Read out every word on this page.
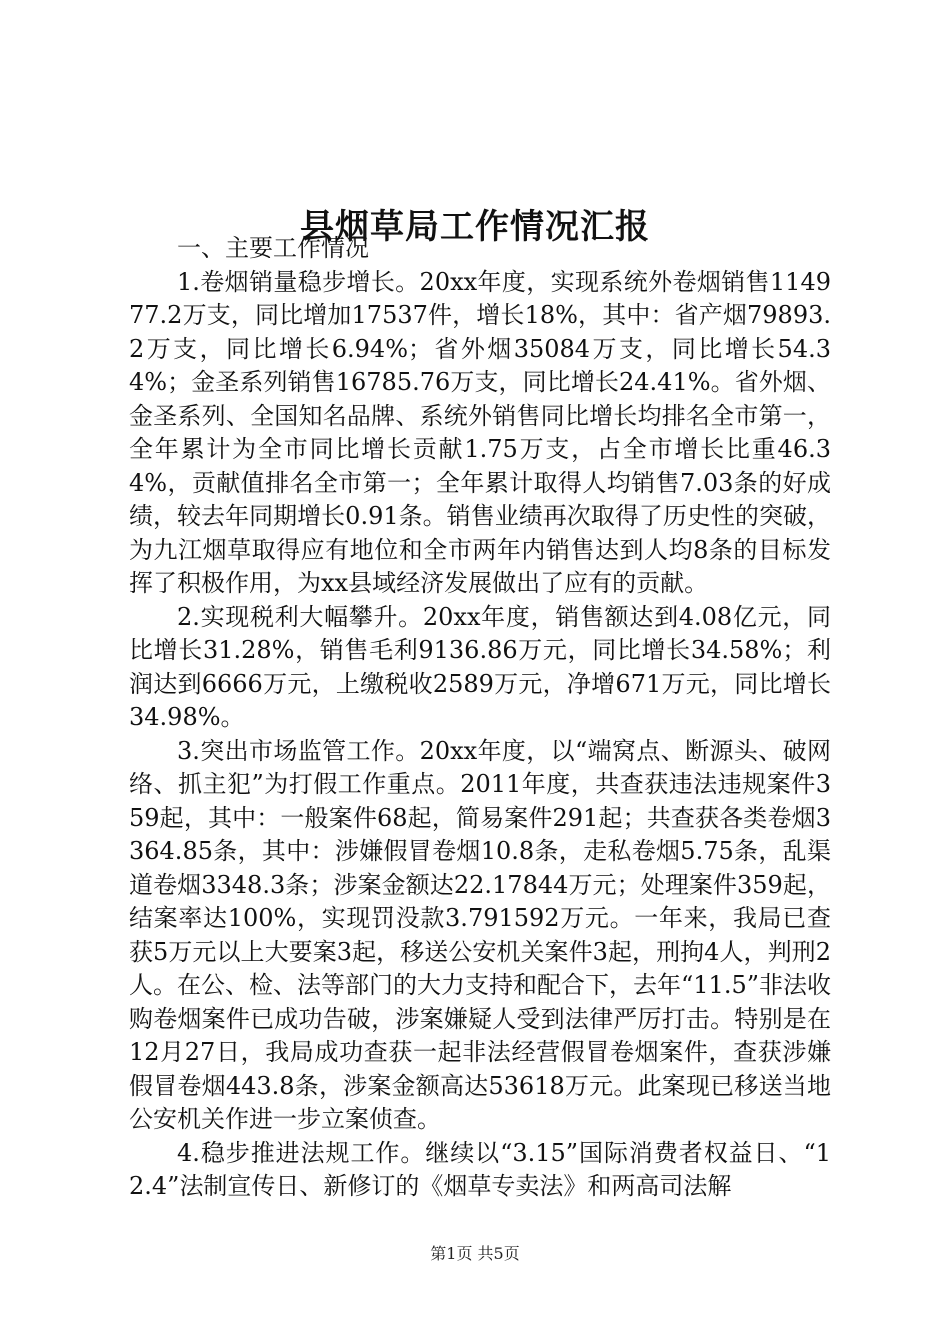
县烟草局工作情况汇报

一、主要工作情况

1.卷烟销量稳步增长。20xx年度，实现系统外卷烟销售114977.2万支，同比增加17537件，增长18%，其中：省产烟79893.2万支，同比增长6.94%；省外烟35084万支，同比增长54.34%；金圣系列销售16785.76万支，同比增长24.41%。省外烟、金圣系列、全国知名品牌、系统外销售同比增长均排名全市第一，全年累计为全市同比增长贡献1.75万支，占全市增长比重46.34%，贡献值排名全市第一；全年累计取得人均销售7.03条的好成绩，较去年同期增长0.91条。销售业绩再次取得了历史性的突破，为九江烟草取得应有地位和全市两年内销售达到人均8条的目标发挥了积极作用，为xx县域经济发展做出了应有的贡献。

2.实现税利大幅攀升。20xx年度，销售额达到4.08亿元，同比增长31.28%，销售毛利9136.86万元，同比增长34.58%；利润达到6666万元，上缴税收2589万元，净增671万元，同比增长34.98%。

3.突出市场监管工作。20xx年度，以“端窝点、断源头、破网络、抓主犯”为打假工作重点。2011年度，共查获违法违规案件359起，其中：一般案件68起，简易案件291起；共查获各类卷烟3364.85条，其中：涉嫌假冒卷烟10.8条，走私卷烟5.75条，乱渠道卷烟3348.3条；涉案金额达22.17844万元；处理案件359起，结案率达100%，实现罚没款3.791592万元。一年来，我局已查获5万元以上大要案3起，移送公安机关案件3起，刑拘4人，判刑2人。在公、检、法等部门的大力支持和配合下，去年“11.5”非法收购卷烟案件已成功告破，涉案嫌疑人受到法律严厉打击。特别是在12月27日，我局成功查获一起非法经营假冒卷烟案件，查获涉嫌假冒卷烟443.8条，涉案金额高达53618万元。此案现已移送当地公安机关作进一步立案侦查。

4.稳步推进法规工作。继续以“3.15”国际消费者权益日、“12.4”法制宣传日、新修订的《烟草专卖法》和两高司法解

第1页 共5页
